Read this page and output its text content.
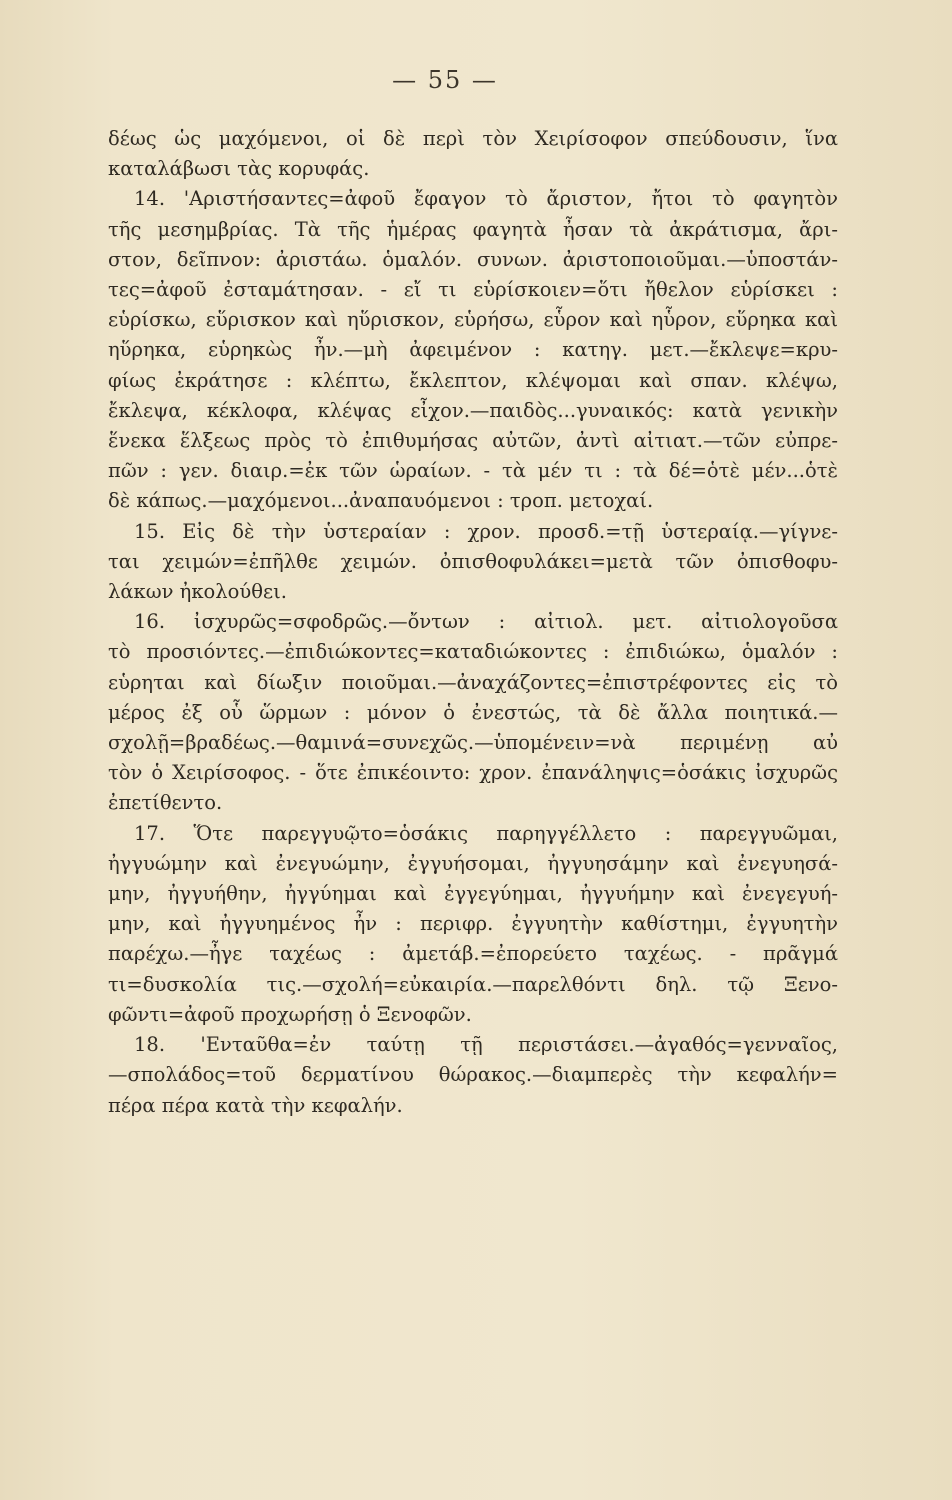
— 55 —
δέως ὡς μαχόμενοι, οἱ δὲ περὶ τὸν Χειρίσοφον σπεύδουσιν, ἵνα
καταλάβωσι τὰς κορυφάς.
14. 'Αριστήσαντες=ἀφοῦ ἔφαγον τὸ ἄριστον, ἤτοι τὸ φαγητὸν
τῆς μεσημβρίας. Τὰ τῆς ἡμέρας φαγητὰ ἦσαν τὰ ἀκράτισμα, ἄρι-
στον, δεῖπνον: ἀριστάω. ὁμαλόν. συνων. ἀριστοποιοῦμαι.—ὑποστάν-
τες=ἀφοῦ ἐσταμάτησαν. - εἴ τι εὑρίσκοιεν=ὅτι ἤθελον εὑρίσκει :
εὑρίσκω, εὕρισκον καὶ ηὕρισκον, εὑρήσω, εὗρον καὶ ηὗρον, εὕρηκα καὶ
ηὕρηκα, εὑρηκὼς ἦν.—μὴ ἀφειμένον : κατηγ. μετ.—ἔκλεψε=κρυ-
φίως ἐκράτησε : κλέπτω, ἔκλεπτον, κλέψομαι καὶ σπαν. κλέψω,
ἔκλεψα, κέκλοφα, κλέψας εἶχον.—παιδὸς...γυναικός: κατὰ γενικὴν
ἕνεκα ἕλξεως πρὸς τὸ ἐπιθυμήσας αὐτῶν, ἀντὶ αἰτιατ.—τῶν εὐπρε-
πῶν : γεν. διαιρ.=ἐκ τῶν ὡραίων. - τὰ μέν τι : τὰ δέ=ὁτὲ μέν...ὁτὲ
δὲ κάπως.—μαχόμενοι...ἀναπαυόμενοι : τροπ. μετοχαί.
15. Εἰς δὲ τὴν ὑστεραίαν : χρον. προσδ.=τῇ ὑστεραίᾳ.—γίγνε-
ται χειμών=ἐπῆλθε χειμών. ὀπισθοφυλάκει=μετὰ τῶν ὀπισθοφυ-
λάκων ἠκολούθει.
16. ἰσχυρῶς=σφοδρῶς.—ὄντων : αἰτιολ. μετ. αἰτιολογοῦσα
τὸ προσιόντες.—ἐπιδιώκοντες=καταδιώκοντες : ἐπιδιώκω, ὁμαλόν :
εὑρηται καὶ δίωξιν ποιοῦμαι.—ἀναχάζοντες=ἐπιστρέφοντες εἰς τὸ
μέρος ἐξ οὗ ὥρμων : μόνον ὁ ἐνεστώς, τὰ δὲ ἄλλα ποιητικά.—
σχολῇ=βραδέως.—θαμινά=συνεχῶς.—ὑπομένειν=νὰ περιμένῃ αὐ
τὸν ὁ Χειρίσοφος. - ὅτε ἐπικέοιντο: χρον. ἐπανάληψις=ὁσάκις ἰσχυρῶς
ἐπετίθεντο.
17. Ὅτε παρεγγυῷτο=ὁσάκις παρηγγέλλετο : παρεγγυῶμαι,
ἠγγυώμην καὶ ἐνεγυώμην, ἐγγυήσομαι, ἠγγυησάμην καὶ ἐνεγυησά-
μην, ἠγγυήθην, ἠγγύημαι καὶ ἐγγεγύημαι, ἠγγυήμην καὶ ἐνεγεγυή-
μην, καὶ ἠγγυημένος ἦν : περιφρ. ἐγγυητὴν καθίστημι, ἐγγυητὴν
παρέχω.—ἦγε ταχέως : ἀμετάβ.=ἐπορεύετο ταχέως. - πρᾶγμά
τι=δυσκολία τις.—σχολή=εὐκαιρία.—παρελθόντι δηλ. τῷ Ξενο-
φῶντι=ἀφοῦ προχωρήσῃ ὁ Ξενοφῶν.
18. 'Ενταῦθα=ἐν ταύτῃ τῇ περιστάσει.—ἀγαθός=γενναῖος,
—σπολάδος=τοῦ δερματίνου θώρακος.—διαμπερὲς τὴν κεφαλήν=
πέρα πέρα κατὰ τὴν κεφαλήν.
